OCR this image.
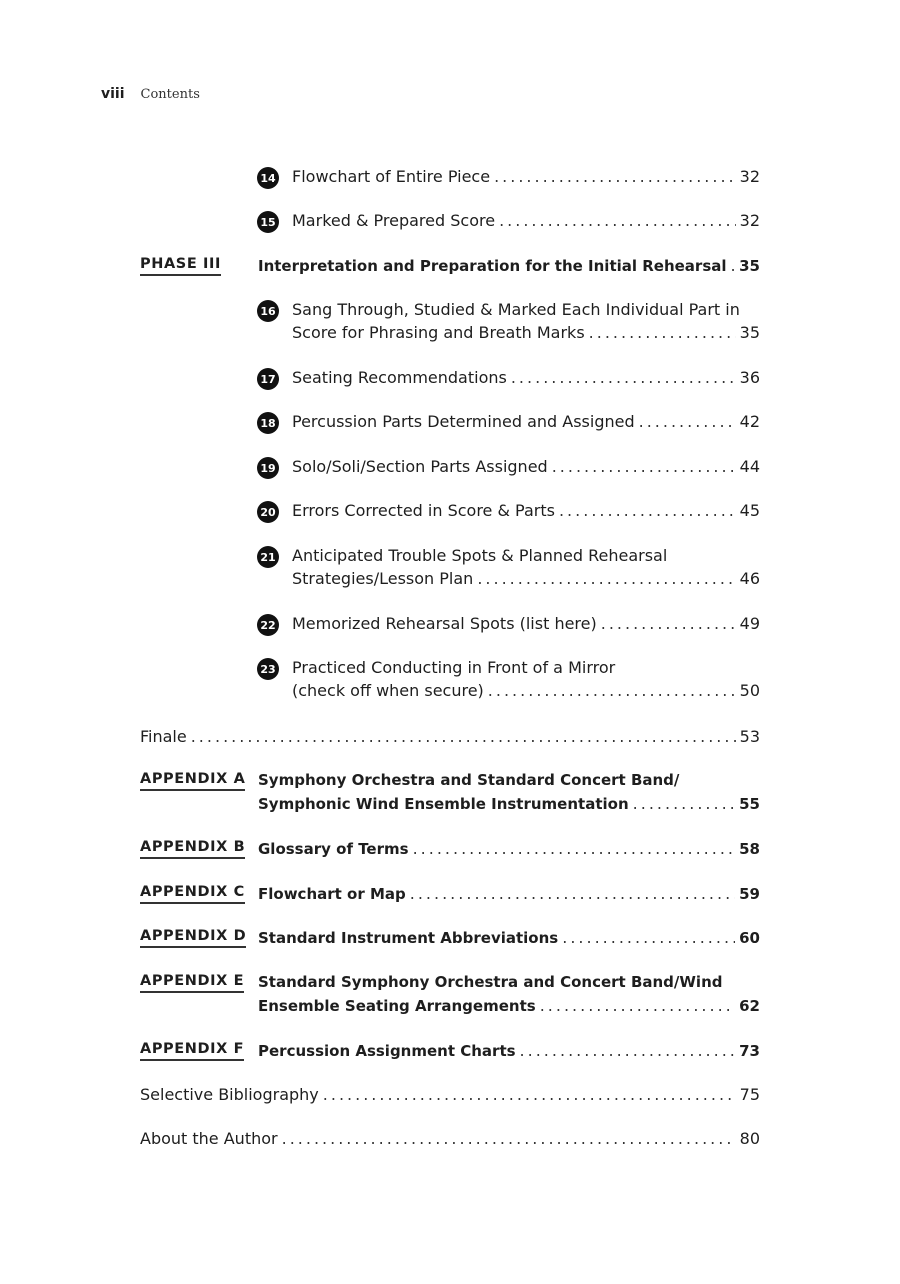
viii Contents
14 Flowchart of Entire Piece .....	32
15 Marked & Prepared Score .....	32
PHASE III Interpretation and Preparation for the Initial Rehearsal ..... 35
16 Sang Through, Studied & Marked Each Individual Part in
Score for Phrasing and Breath Marks .....	35
17 Seating Recommendations .....	36
18 Percussion Parts Determined and Assigned .....	42
19 Solo/Soli/Section Parts Assigned .....	44
20 Errors Corrected in Score & Parts .....	45
21 Anticipated Trouble Spots & Planned Rehearsal
Strategies/Lesson Plan .....	46
22 Memorized Rehearsal Spots (list here) .....	49
23 Practiced Conducting in Front of a Mirror
(check off when secure) .....	50
Finale .....	53
APPENDIX A Symphony Orchestra and Standard Concert Band/
Symphonic Wind Ensemble Instrumentation .....	55
APPENDIX B Glossary of Terms .....	58
APPENDIX C Flowchart or Map .....	59
APPENDIX D Standard Instrument Abbreviations .....	60
APPENDIX E Standard Symphony Orchestra and Concert Band/Wind
Ensemble Seating Arrangements .....	62
APPENDIX F Percussion Assignment Charts .....	73
Selective Bibliography .....	75
About the Author .....	80
